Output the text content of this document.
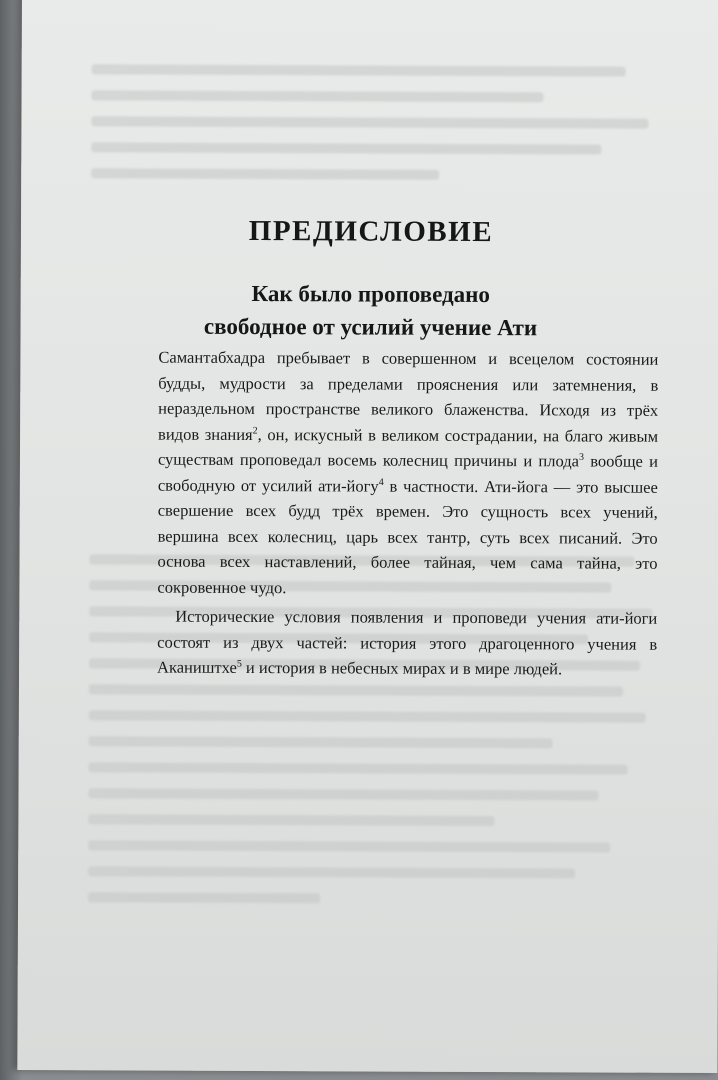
ПРЕДИСЛОВИЕ
Как было проповедано
свободное от усилий учение Ати

Самантабхадра пребывает в совершенном и всецелом состоянии будды, мудрости за пределами прояснения или затемнения, в нераздельном пространстве великого блаженства. Исходя из трёх видов знания$^2$, он, искусный в великом сострадании, на благо живым существам проповедал восемь колесниц причины и плода$^3$ вообще и свободную от усилий ати-йогу$^4$ в частности. Ати-йога — это высшее свершение всех будд трёх времен. Это сущность всех учений, вершина всех колесниц, царь всех тантр, суть всех писаний. Это основа всех наставлений, более тайная, чем сама тайна, это сокровенное чудо.

Исторические условия появления и проповеди учения ати-йоги состоят из двух частей: история этого драгоценного учения в Акаништхе$^5$ и история в небесных мирах и в мире людей.
